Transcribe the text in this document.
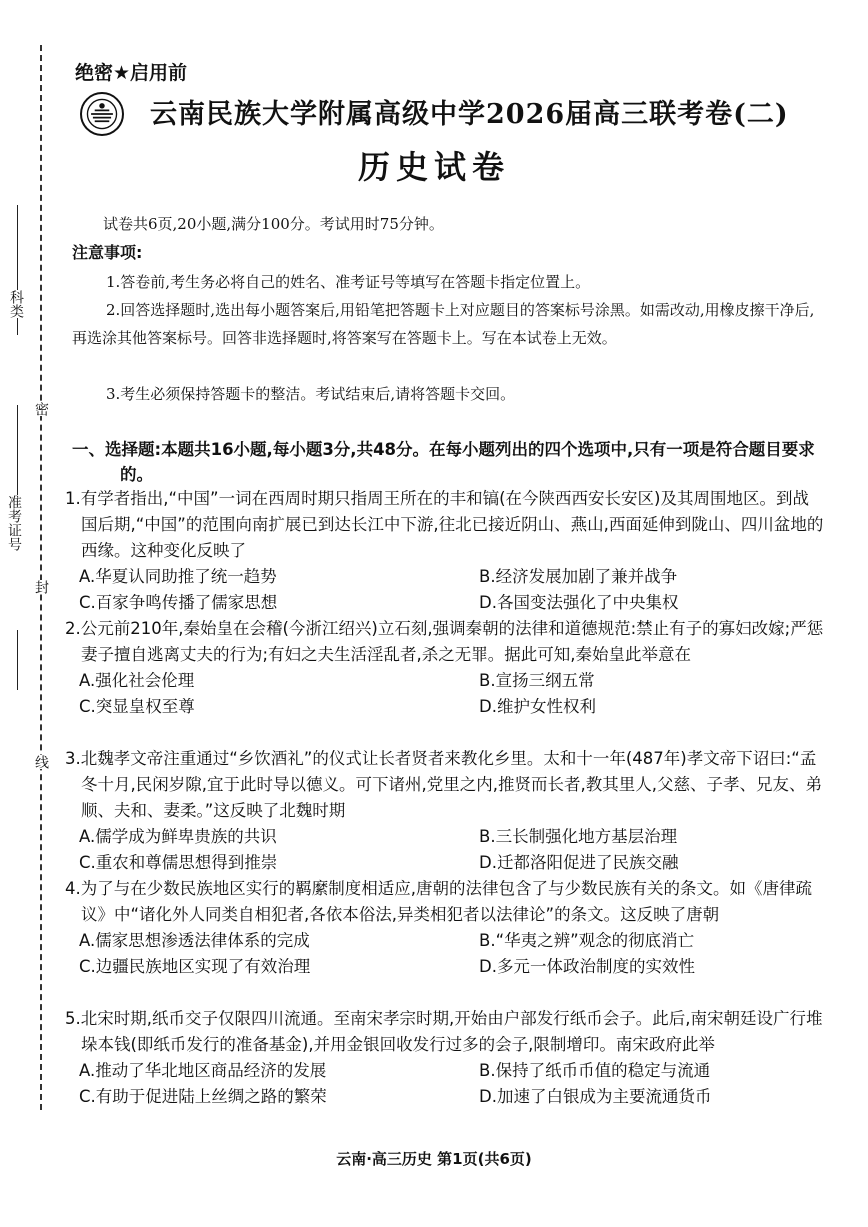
科类
密
准考证号
封
线
绝密★启用前
云南民族大学附属高级中学2026届高三联考卷(二)
历史试卷
试卷共6页,20小题,满分100分。考试用时75分钟。
注意事项:
1.答卷前,考生务必将自己的姓名、准考证号等填写在答题卡指定位置上。
2.回答选择题时,选出每小题答案后,用铅笔把答题卡上对应题目的答案标号涂黑。如需改动,用橡皮擦干净后,再选涂其他答案标号。回答非选择题时,将答案写在答题卡上。写在本试卷上无效。
3.考生必须保持答题卡的整洁。考试结束后,请将答题卡交回。
一、选择题:本题共16小题,每小题3分,共48分。在每小题列出的四个选项中,只有一项是符合题目要求的。
1.有学者指出,“中国”一词在西周时期只指周王所在的丰和镐(在今陕西西安长安区)及其周围地区。到战国后期,“中国”的范围向南扩展已到达长江中下游,往北已接近阴山、燕山,西面延伸到陇山、四川盆地的西缘。这种变化反映了
A.华夏认同助推了统一趋势	B.经济发展加剧了兼并战争
C.百家争鸣传播了儒家思想	D.各国变法强化了中央集权
2.公元前210年,秦始皇在会稽(今浙江绍兴)立石刻,强调秦朝的法律和道德规范:禁止有子的寡妇改嫁;严惩妻子擅自逃离丈夫的行为;有妇之夫生活淫乱者,杀之无罪。据此可知,秦始皇此举意在
A.强化社会伦理	B.宣扬三纲五常
C.突显皇权至尊	D.维护女性权利
3.北魏孝文帝注重通过“乡饮酒礼”的仪式让长者贤者来教化乡里。太和十一年(487年)孝文帝下诏曰:“孟冬十月,民闲岁隙,宜于此时导以德义。可下诸州,党里之内,推贤而长者,教其里人,父慈、子孝、兄友、弟顺、夫和、妻柔。”这反映了北魏时期
A.儒学成为鲜卑贵族的共识	B.三长制强化地方基层治理
C.重农和尊儒思想得到推崇	D.迁都洛阳促进了民族交融
4.为了与在少数民族地区实行的羁縻制度相适应,唐朝的法律包含了与少数民族有关的条文。如《唐律疏议》中“诸化外人同类自相犯者,各依本俗法,异类相犯者以法律论”的条文。这反映了唐朝
A.儒家思想渗透法律体系的完成	B.“华夷之辨”观念的彻底消亡
C.边疆民族地区实现了有效治理	D.多元一体政治制度的实效性
5.北宋时期,纸币交子仅限四川流通。至南宋孝宗时期,开始由户部发行纸币会子。此后,南宋朝廷设广行堆垛本钱(即纸币发行的准备基金),并用金银回收发行过多的会子,限制增印。南宋政府此举
A.推动了华北地区商品经济的发展	B.保持了纸币币值的稳定与流通
C.有助于促进陆上丝绸之路的繁荣	D.加速了白银成为主要流通货币
云南·高三历史 第1页(共6页)
